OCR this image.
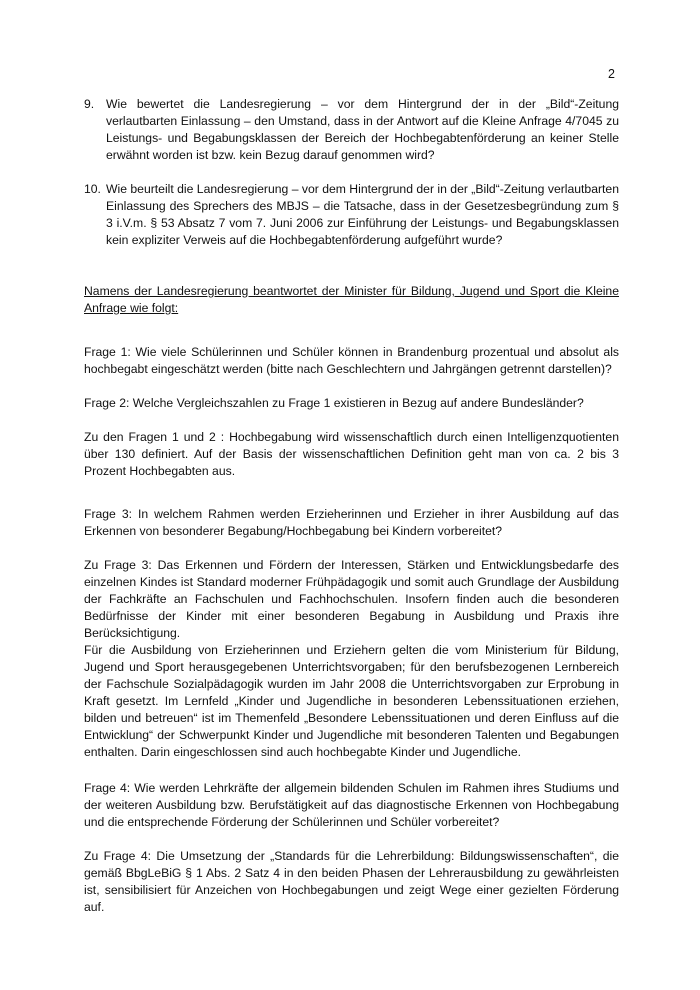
2
9. Wie bewertet die Landesregierung – vor dem Hintergrund der in der „Bild“-Zeitung verlautbarten Einlassung – den Umstand, dass in der Antwort auf die Kleine Anfrage 4/7045 zu Leistungs- und Begabungsklassen der Bereich der Hochbegabtenförderung an keiner Stelle erwähnt worden ist bzw. kein Bezug darauf genommen wird?

10. Wie beurteilt die Landesregierung – vor dem Hintergrund der in der „Bild“-Zeitung verlautbarten Einlassung des Sprechers des MBJS – die Tatsache, dass in der Gesetzesbegründung zum § 3 i.V.m. § 53 Absatz 7 vom 7. Juni 2006 zur Einführung der Leistungs- und Begabungsklassen kein expliziter Verweis auf die Hochbegabtenförderung aufgeführt wurde?

Namens der Landesregierung beantwortet der Minister für Bildung, Jugend und Sport die Kleine Anfrage wie folgt:

Frage 1: Wie viele Schülerinnen und Schüler können in Brandenburg prozentual und absolut als hochbegabt eingeschätzt werden (bitte nach Geschlechtern und Jahrgängen getrennt darstellen)?

Frage 2: Welche Vergleichszahlen zu Frage 1 existieren in Bezug auf andere Bundesländer?

Zu den Fragen 1 und 2 : Hochbegabung wird wissenschaftlich durch einen Intelligenzquotienten über 130 definiert. Auf der Basis der wissenschaftlichen Definition geht man von ca. 2 bis 3 Prozent Hochbegabten aus.

Frage 3: In welchem Rahmen werden Erzieherinnen und Erzieher in ihrer Ausbildung auf das Erkennen von besonderer Begabung/Hochbegabung bei Kindern vorbereitet?

Zu Frage 3: Das Erkennen und Fördern der Interessen, Stärken und Entwicklungsbedarfe des einzelnen Kindes ist Standard moderner Frühpädagogik und somit auch Grundlage der Ausbildung der Fachkräfte an Fachschulen und Fachhochschulen. Insofern finden auch die besonderen Bedürfnisse der Kinder mit einer besonderen Begabung in Ausbildung und Praxis ihre Berücksichtigung.

Für die Ausbildung von Erzieherinnen und Erziehern gelten die vom Ministerium für Bildung, Jugend und Sport herausgegebenen Unterrichtsvorgaben; für den berufsbezogenen Lernbereich der Fachschule Sozialpädagogik wurden im Jahr 2008 die Unterrichtsvorgaben zur Erprobung in Kraft gesetzt. Im Lernfeld „Kinder und Jugendliche in besonderen Lebenssituationen erziehen, bilden und betreuen“ ist im Themenfeld „Besondere Lebenssituationen und deren Einfluss auf die Entwicklung“ der Schwerpunkt Kinder und Jugendliche mit besonderen Talenten und Begabungen enthalten. Darin eingeschlossen sind auch hochbegabte Kinder und Jugendliche.

Frage 4: Wie werden Lehrkräfte der allgemein bildenden Schulen im Rahmen ihres Studiums und der weiteren Ausbildung bzw. Berufstätigkeit auf das diagnostische Erkennen von Hochbegabung und die entsprechende Förderung der Schülerinnen und Schüler vorbereitet?

Zu Frage 4: Die Umsetzung der „Standards für die Lehrerbildung: Bildungswissenschaften“, die gemäß BbgLeBiG § 1 Abs. 2 Satz 4 in den beiden Phasen der Lehrerausbildung zu gewährleisten ist, sensibilisiert für Anzeichen von Hochbegabungen und zeigt Wege einer gezielten Förderung auf.
